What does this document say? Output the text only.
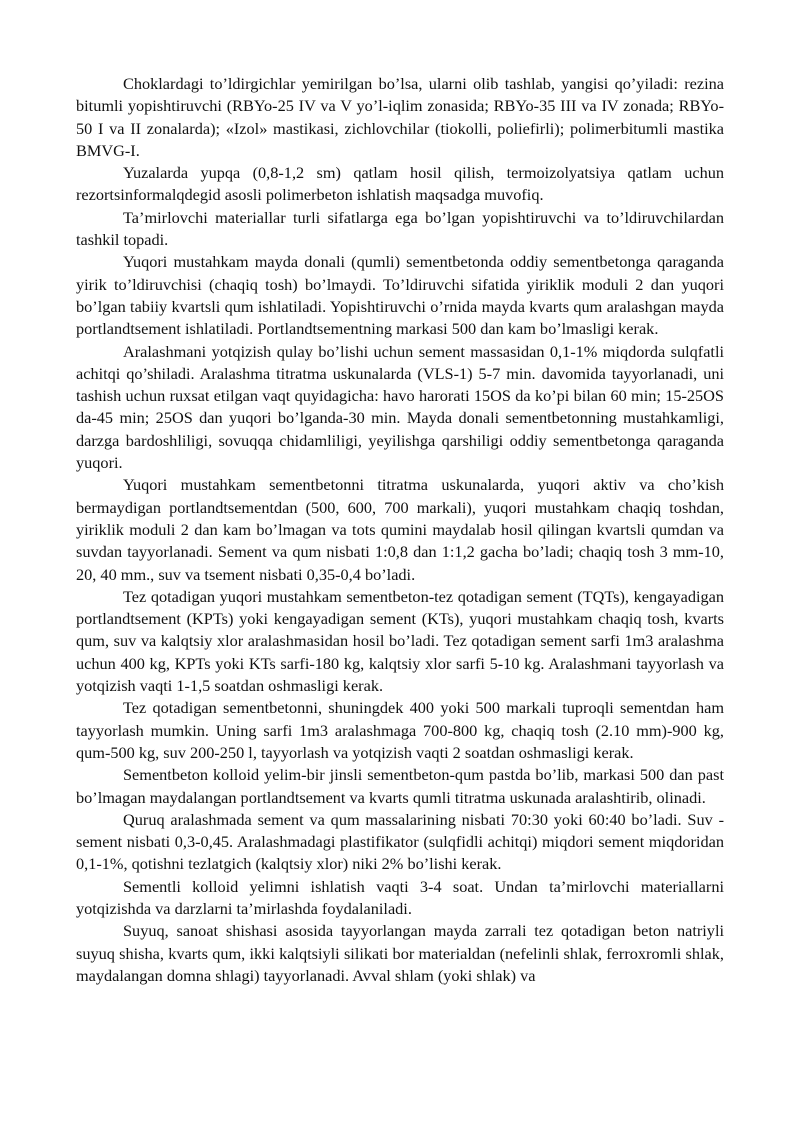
Choklardagi to’ldirgichlar yemirilgan bo’lsa, ularni olib tashlab, yangisi qo’yiladi: rezina bitumli yopishtiruvchi (RBYo-25 IV va V yo’l-iqlim zonasida; RBYo-35 III va IV zonada; RBYo-50 I va II zonalarda); «Izol» mastikasi, zichlovchilar (tiokolli, poliefirli); polimerbitumli mastika BMVG-I.

Yuzalarda yupqa (0,8-1,2 sm) qatlam hosil qilish, termoizolyatsiya qatlam uchun rezortsinformalqdegid asosli polimerbeton ishlatish maqsadga muvofiq.

Ta’mirlovchi materiallar turli sifatlarga ega bo’lgan yopishtiruvchi va to’ldiruvchilardan tashkil topadi.

Yuqori mustahkam mayda donali (qumli) sementbetonda oddiy sementbetonga qaraganda yirik to’ldiruvchisi (chaqiq tosh) bo’lmaydi. To’ldiruvchi sifatida yiriklik moduli 2 dan yuqori bo’lgan tabiiy kvartsli qum ishlatiladi. Yopishtiruvchi o’rnida mayda kvarts qum aralashgan mayda portlandtsement ishlatiladi. Portlandtsementning markasi 500 dan kam bo’lmasligi kerak.

Aralashmani yotqizish qulay bo’lishi uchun sement massasidan 0,1-1% miqdorda sulqfatli achitqi qo’shiladi. Aralashma titratma uskunalarda (VLS-1) 5-7 min. davomida tayyorlanadi, uni tashish uchun ruxsat etilgan vaqt quyidagicha: havo harorati 15OS da ko’pi bilan 60 min; 15-25OS da-45 min; 25OS dan yuqori bo’lganda-30 min. Mayda donali sementbetonning mustahkamligi, darzga bardoshliligi, sovuqqa chidamliligi, yeyilishga qarshiligi oddiy sementbetonga qaraganda yuqori.

Yuqori mustahkam sementbetonni titratma uskunalarda, yuqori aktiv va cho’kish bermaydigan portlandtsementdan (500, 600, 700 markali), yuqori mustahkam chaqiq toshdan, yiriklik moduli 2 dan kam bo’lmagan va tots qumini maydalab hosil qilingan kvartsli qumdan va suvdan tayyorlanadi. Sement va qum nisbati 1:0,8 dan 1:1,2 gacha bo’ladi; chaqiq tosh 3 mm-10, 20, 40 mm., suv va tsement nisbati 0,35-0,4 bo’ladi.

Tez qotadigan yuqori mustahkam sementbeton-tez qotadigan sement (TQTs), kengayadigan portlandtsement (KPTs) yoki kengayadigan sement (KTs), yuqori mustahkam chaqiq tosh, kvarts qum, suv va kalqtsiy xlor aralashmasidan hosil bo’ladi. Tez qotadigan sement sarfi 1m3 aralashma uchun 400 kg, KPTs yoki KTs sarfi-180 kg, kalqtsiy xlor sarfi 5-10 kg. Aralashmani tayyorlash va yotqizish vaqti 1-1,5 soatdan oshmasligi kerak.

Tez qotadigan sementbetonni, shuningdek 400 yoki 500 markali tuproqli sementdan ham tayyorlash mumkin. Uning sarfi 1m3 aralashmaga 700-800 kg, chaqiq tosh (2.10 mm)-900 kg, qum-500 kg, suv 200-250 l, tayyorlash va yotqizish vaqti 2 soatdan oshmasligi kerak.

Sementbeton kolloid yelim-bir jinsli sementbeton-qum pastda bo’lib, markasi 500 dan past bo’lmagan maydalangan portlandtsement va kvarts qumli titratma uskunada aralashtirib, olinadi.

Quruq aralashmada sement va qum massalarining nisbati 70:30 yoki 60:40 bo’ladi. Suv - sement nisbati 0,3-0,45. Aralashmadagi plastifikator (sulqfidli achitqi) miqdori sement miqdoridan 0,1-1%, qotishni tezlatgich (kalqtsiy xlor) niki 2% bo’lishi kerak.

Sementli kolloid yelimni ishlatish vaqti 3-4 soat. Undan ta’mirlovchi materiallarni yotqizishda va darzlarni ta’mirlashda foydalaniladi.

Suyuq, sanoat shishasi asosida tayyorlangan mayda zarrali tez qotadigan beton natriyli suyuq shisha, kvarts qum, ikki kalqtsiyli silikati bor materialdan (nefelinli shlak, ferroxromli shlak, maydalangan domna shlagi) tayyorlanadi. Avval shlam (yoki shlak) va
